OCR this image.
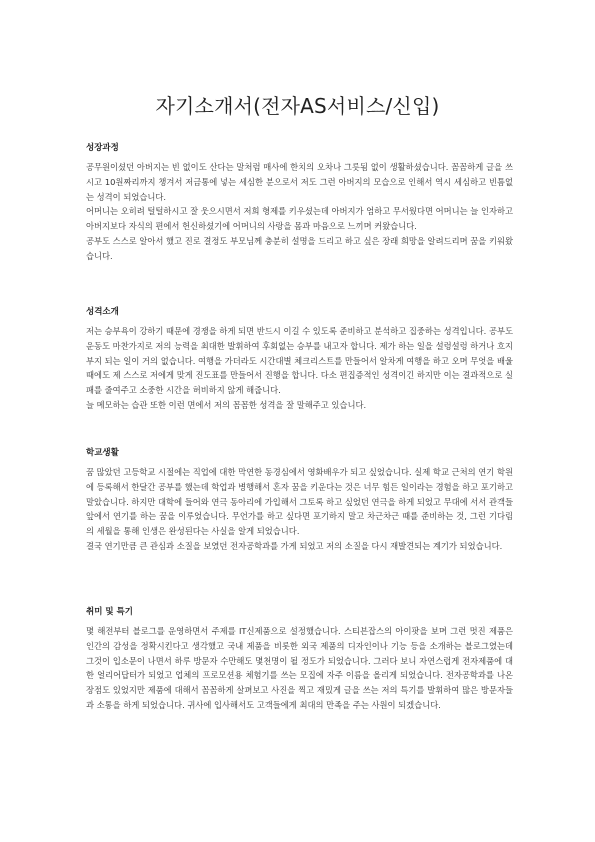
자기소개서(전자AS서비스/신입)
성장과정

공무원이셨던 아버지는 빈 없이도 산다는 말처럼 매사에 한치의 오차나 그릇됨 없이 생활하셨습니다. 꼼꼼하게 글을 쓰시고 10원짜리까지 챙겨서 저금통에 넣는 세심한 분으로서 저도 그런 아버지의 모습으로 인해서 역시 세심하고 빈틈없는 성격이 되었습니다.

어머니는 오히려 털털하시고 잘 웃으시면서 저희 형제를 키우셨는데 아버지가 엄하고 무서웠다면 어머니는 늘 인자하고 아버지보다 자식의 편에서 헌신하셨기에 어머니의 사랑을 몸과 마음으로 느끼며 커왔습니다.

공부도 스스로 알아서 했고 진로 결정도 부모님께 충분히 설명을 드리고 하고 싶은 장래 희망을 알려드리며 꿈을 키워왔습니다.

성격소개

저는 승부욕이 강하기 때문에 경쟁을 하게 되면 반드시 이길 수 있도록 준비하고 분석하고 집중하는 성격입니다. 공부도 운동도 마찬가지로 저의 능력을 최대한 발휘하여 후회없는 승부를 내고자 합니다. 제가 하는 일을 설렁설렁 하거나 흐지부지 되는 일이 거의 없습니다. 여행을 가더라도 시간대별 체크리스트를 만들어서 알차게 여행을 하고 오며 무엇을 배울 때에도 제 스스로 저에게 맞게 진도표를 만들어서 진행을 합니다. 다소 편집증적인 성격이긴 하지만 이는 결과적으로 실패를 줄여주고 소중한 시간을 허비하지 않게 해줍니다.

늘 메모하는 습관 또한 이런 면에서 저의 꼼꼼한 성격을 잘 말해주고 있습니다.

학교생활

꿈 많았던 고등학교 시절에는 직업에 대한 막연한 동경심에서 영화배우가 되고 싶었습니다. 실제 학교 근처의 연기 학원에 등록해서 한달간 공부를 했는데 학업과 병행해서 혼자 꿈을 키운다는 것은 너무 힘든 일이라는 경험을 하고 포기하고 말았습니다. 하지만 대학에 들어와 연극 동아리에 가입해서 그토록 하고 싶었던 연극을 하게 되었고 무대에 서서 관객들 앞에서 연기를 하는 꿈을 이루었습니다. 무언가를 하고 싶다면 포기하지 말고 차근차근 때를 준비하는 것, 그런 기다림의 세월을 통해 인생은 완성된다는 사실을 알게 되었습니다.

결국 연기만큼 큰 관심과 소질을 보였던 전자공학과를 가게 되었고 저의 소질을 다시 재발견되는 계기가 되었습니다.

취미 및 특기

몇 해전부터 블로그를 운영하면서 주제를 IT신제품으로 설정했습니다. 스티븐잡스의 아이팟을 보며 그런 멋진 제품은 인간의 감성을 정확시킨다고 생각했고 국내 제품을 비롯한 외국 제품의 디자인이나 기능 등을 소개하는 블로그였는데 그것이 입소문이 나면서 하루 방문자 수만해도 몇천명이 될 정도가 되었습니다. 그러다 보니 자연스럽게 전자제품에 대한 얼리어답터가 되었고 업체의 프로모션용 체험기를 쓰는 모집에 자주 이름을 올리게 되었습니다. 전자공학과를 나온 장점도 있었지만 제품에 대해서 꼼꼼하게 살펴보고 사진을 찍고 재밌게 글을 쓰는 저의 특기를 발휘하여 많은 방문자들과 소통을 하게 되었습니다. 귀사에 입사해서도 고객들에게 최대의 만족을 주는 사원이 되겠습니다.
